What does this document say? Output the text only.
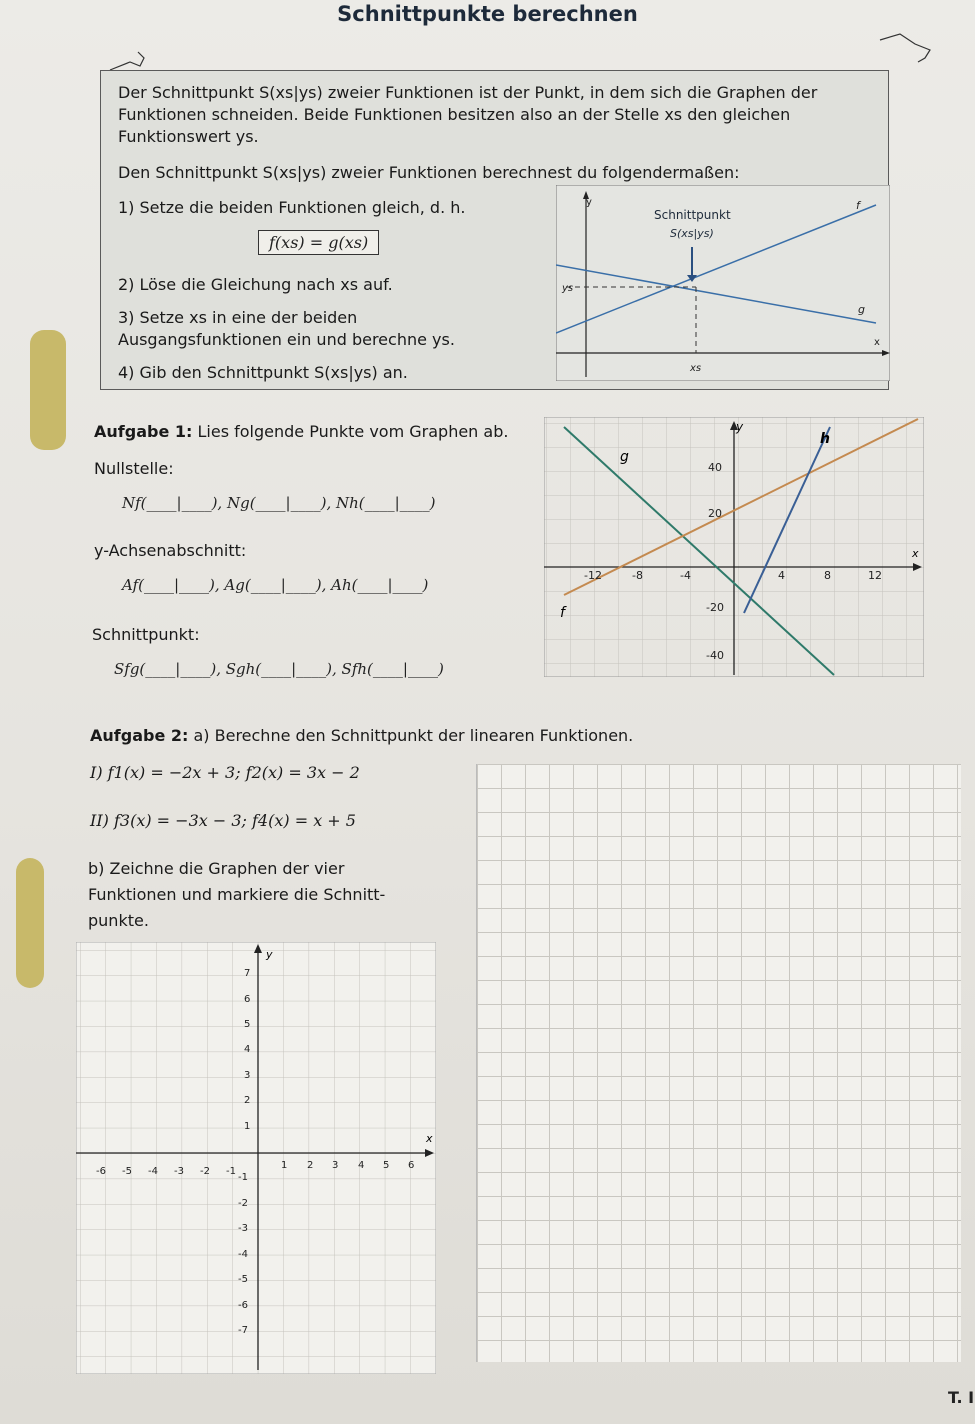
Schnittpunkte berechnen
Der Schnittpunkt S(xs|ys) zweier Funktionen ist der Punkt, in dem sich die Graphen der
Funktionen schneiden. Beide Funktionen besitzen also an der Stelle xs den gleichen
Funktionswert ys.
Den Schnittpunkt S(xs|ys) zweier Funktionen berechnest du folgendermaßen:
1) Setze die beiden Funktionen gleich, d. h.
f(xs) = g(xs)
2) Löse die Gleichung nach xs auf.
3) Setze xs in eine der beiden
Ausgangsfunktionen ein und berechne ys.
4) Gib den Schnittpunkt S(xs|ys) an.
y
x
Schnittpunkt
S(xs|ys)
f
g
ys
xs
Aufgabe 1: Lies folgende Punkte vom Graphen ab.
Nullstelle:
Nf(____|____), Ng(____|____), Nh(____|____)
y-Achsenabschnitt:
Af(____|____), Ag(____|____), Ah(____|____)
Schnittpunkt:
Sfg(____|____), Sgh(____|____), Sfh(____|____)
y
x
g
f
h
40
20
-20
-40
-12	-8	-4	4	8	12
Aufgabe 2: a) Berechne den Schnittpunkt der linearen Funktionen.
I) f1(x) = −2x + 3; f2(x) = 3x − 2
II) f3(x) = −3x − 3; f4(x) = x + 5
b) Zeichne die Graphen der vier
Funktionen und markiere die Schnitt-
punkte.
y
x
-6 -5 -4 -3 -2 -1
1 2 3 4 5 6
7
6
5
4
3
2
1
-1
-2
-3
-4
-5
-6
-7
T. I
